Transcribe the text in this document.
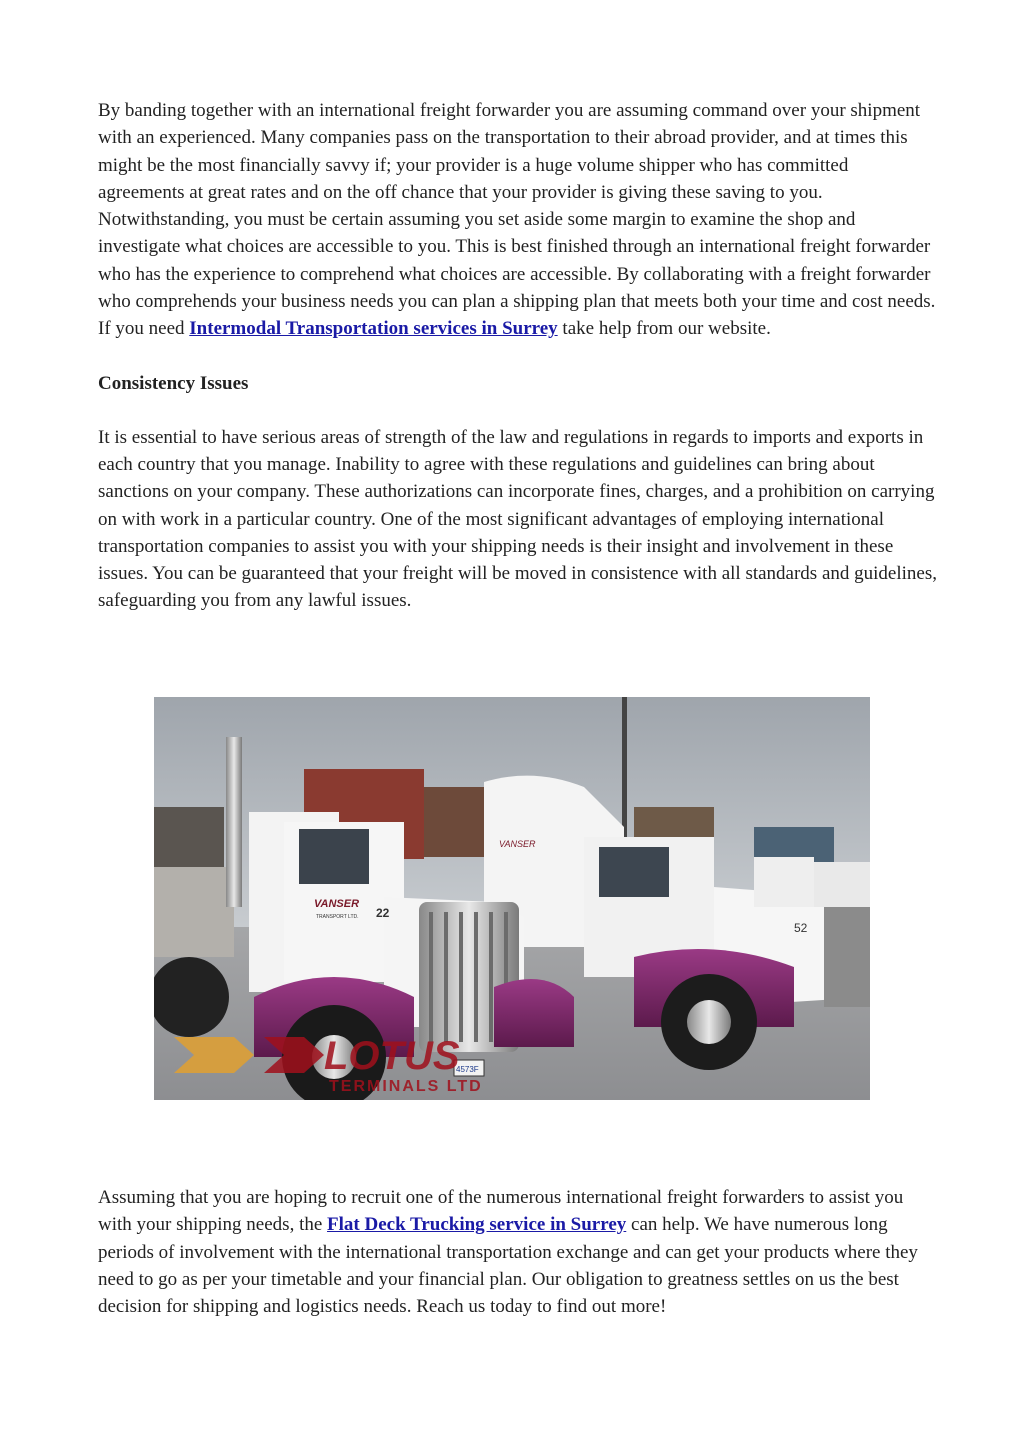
By banding together with an international freight forwarder you are assuming command over your shipment with an experienced. Many companies pass on the transportation to their abroad provider, and at times this might be the most financially savvy if; your provider is a huge volume shipper who has committed agreements at great rates and on the off chance that your provider is giving these saving to you. Notwithstanding, you must be certain assuming you set aside some margin to examine the shop and investigate what choices are accessible to you. This is best finished through an international freight forwarder who has the experience to comprehend what choices are accessible. By collaborating with a freight forwarder who comprehends your business needs you can plan a shipping plan that meets both your time and cost needs. If you need Intermodal Transportation services in Surrey take help from our website.

Consistency Issues

It is essential to have serious areas of strength of the law and regulations in regards to imports and exports in each country that you manage. Inability to agree with these regulations and guidelines can bring about sanctions on your company. These authorizations can incorporate fines, charges, and a prohibition on carrying on with work in a particular country. One of the most significant advantages of employing international transportation companies to assist you with your shipping needs is their insight and involvement in these issues. You can be guaranteed that your freight will be moved in consistence with all standards and guidelines, safeguarding you from any lawful issues.

52
VANSER
VANSER
TRANSPORT LTD. 22
4573F
LOTUS
TERMINALS LTD

Assuming that you are hoping to recruit one of the numerous international freight forwarders to assist you with your shipping needs, the Flat Deck Trucking service in Surrey can help. We have numerous long periods of involvement with the international transportation exchange and can get your products where they need to go as per your timetable and your financial plan. Our obligation to greatness settles on us the best decision for shipping and logistics needs. Reach us today to find out more!
